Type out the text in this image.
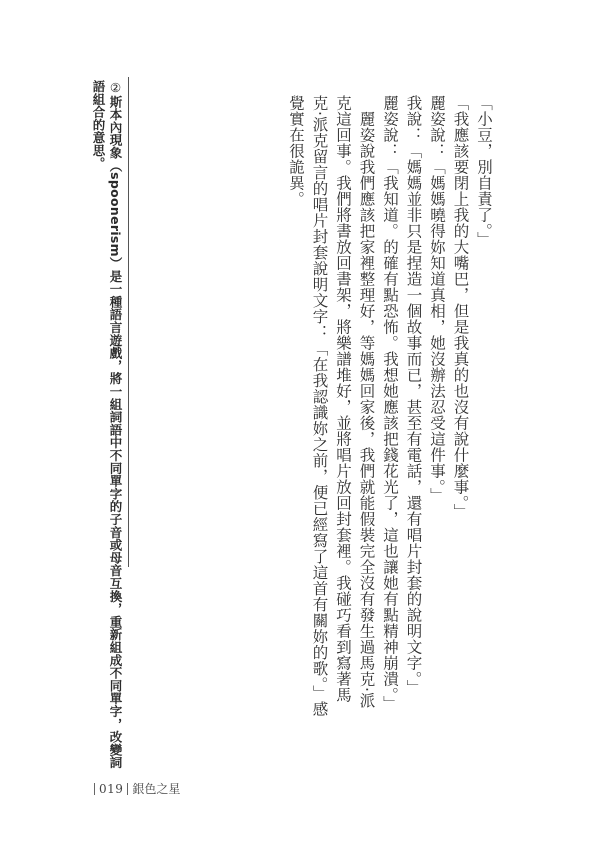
「小豆，別自責了。」

「我應該要閉上我的大嘴巴，但是我真的也沒有說什麼事。」

麗姿說：「媽媽曉得妳知道真相，她沒辦法忍受這件事。」

我說：「媽媽並非只是捏造一個故事而已，甚至有電話，還有唱片封套的說明文字。」

麗姿說：「我知道。的確有點恐怖。我想她應該把錢花光了，這也讓她有點精神崩潰。」

麗姿說我們應該把家裡整理好，等媽媽回家後，我們就能假裝完全沒有發生過馬克‧派克這回事。我們將書放回書架，將樂譜堆好，並將唱片放回封套裡。我碰巧看到寫著馬克‧派克留言的唱片封套說明文字：「在我認識妳之前，便已經寫了這首有關妳的歌。」感覺實在很詭異。

②斯本內現象（spoonerism）是一種語言遊戲，將一組詞語中不同單字的子音或母音互換，重新組成不同單字，改變詞語組合的意思。
019 銀色之星
